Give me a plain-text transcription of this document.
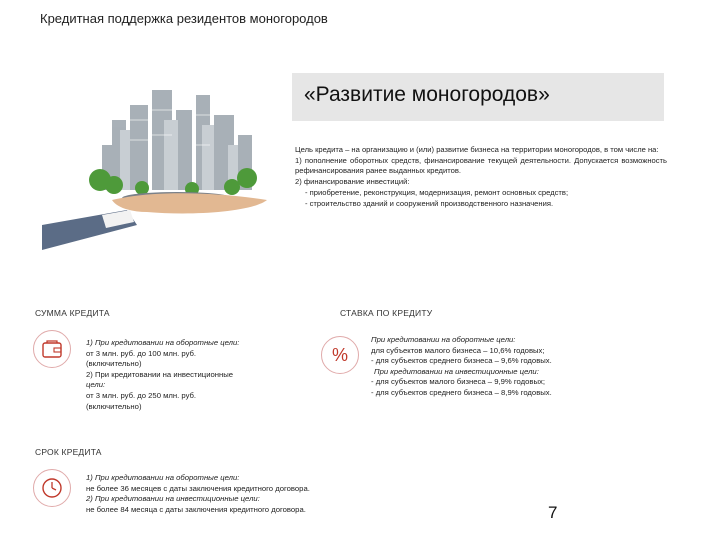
Кредитная поддержка резидентов моногородов
«Развитие моногородов»

Цель кредита – на организацию и (или) развитие бизнеса на территории моногородов, в том числе на:

1) пополнение оборотных средств, финансирование текущей деятельности. Допускается возможность рефинансирования ранее выданных кредитов.

2) финансирование инвестиций:

- приобретение, реконструкция, модернизация, ремонт основных средств;

- строительство зданий и сооружений производственного назначения.

СУММА КРЕДИТА

1) При кредитовании на оборотные цели:

от 3 млн. руб. до 100 млн. руб.

(включительно)

2) При кредитовании на инвестиционные

цели:

от 3 млн. руб. до 250 млн. руб.

(включительно)

СТАВКА ПО КРЕДИТУ
%

При кредитовании на оборотные цели:

для субъектов малого бизнеса – 10,6% годовых;

- для субъектов среднего бизнеса – 9,6% годовых.

При кредитовании на инвестиционные цели:

- для субъектов малого бизнеса – 9,9% годовых;

- для субъектов среднего бизнеса – 8,9% годовых.

СРОК КРЕДИТА

1) При кредитовании на оборотные цели:

не более 36 месяцев с даты заключения кредитного договора.

2) При кредитовании на инвестиционные цели:

не более 84 месяца с даты заключения кредитного договора.	7
